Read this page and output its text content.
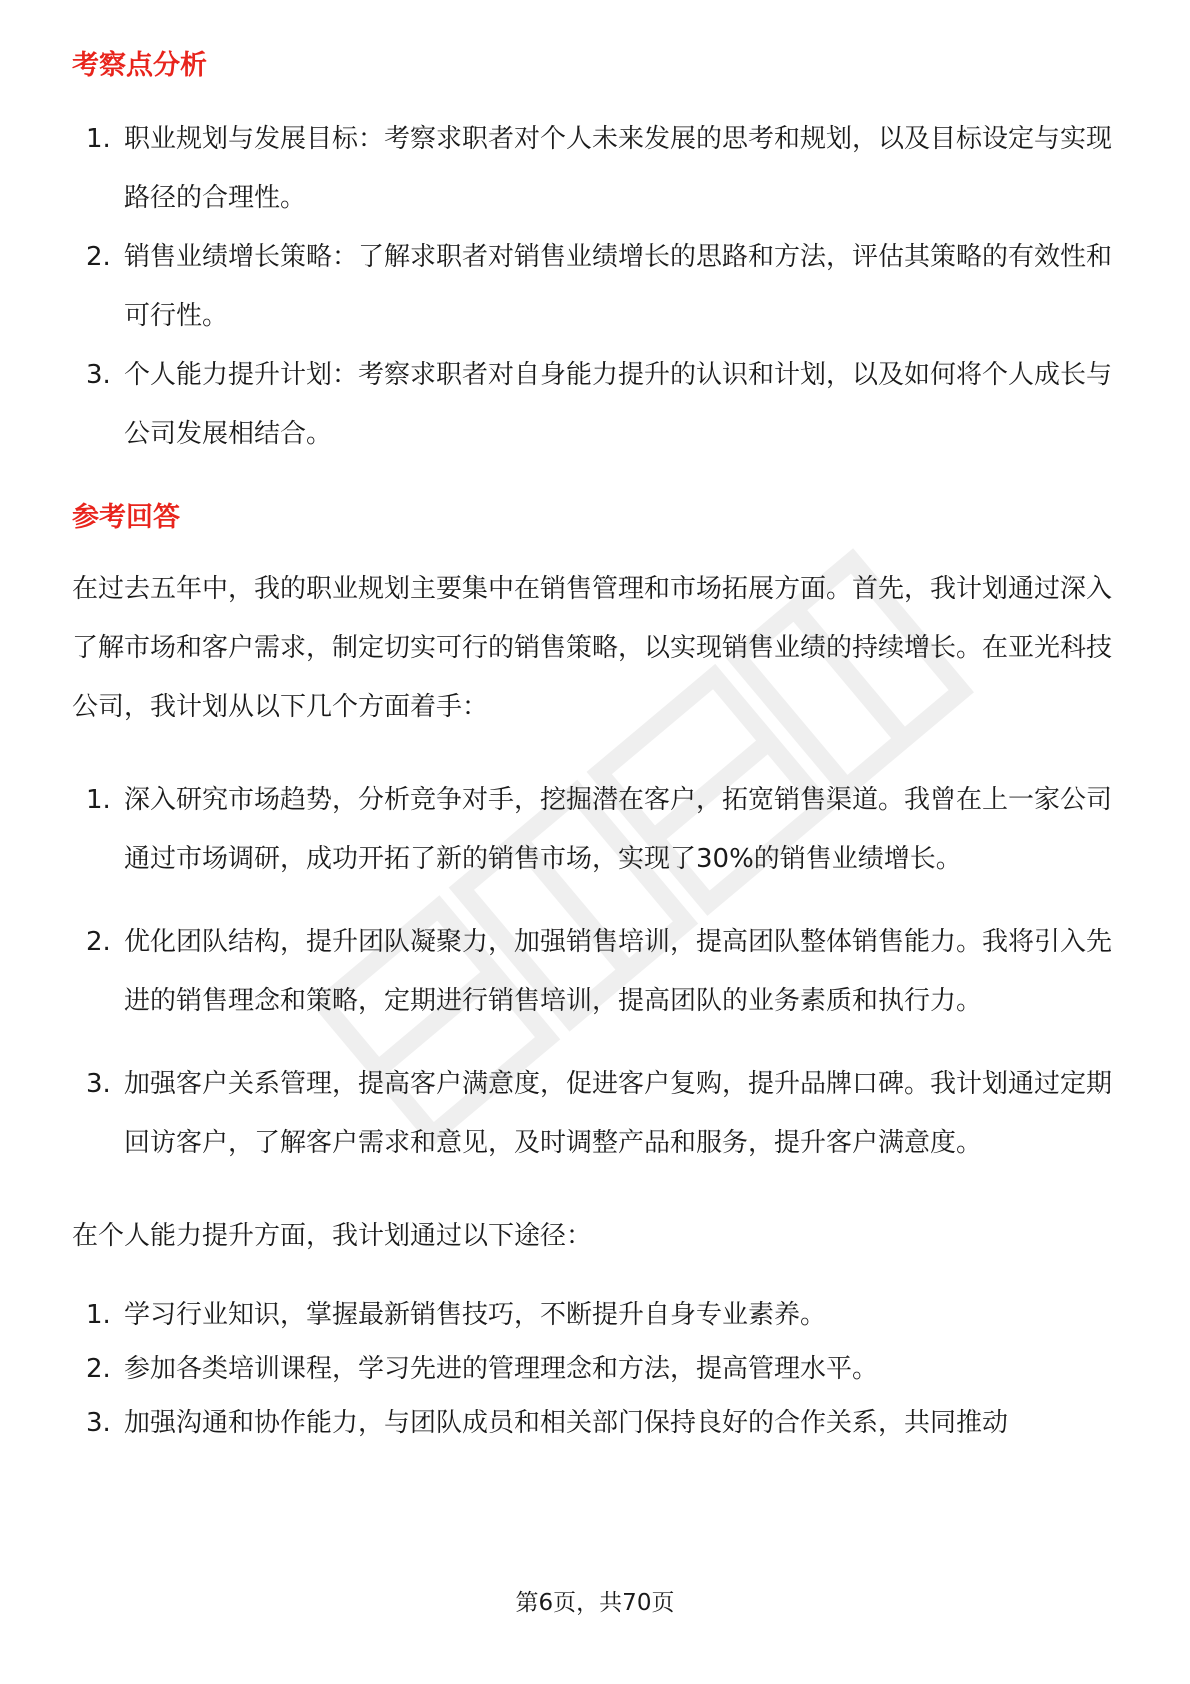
考察点分析
1. 职业规划与发展目标：考察求职者对个人未来发展的思考和规划，以及目标设定与实现路径的合理性。
2. 销售业绩增长策略：了解求职者对销售业绩增长的思路和方法，评估其策略的有效性和可行性。
3. 个人能力提升计划：考察求职者对自身能力提升的认识和计划，以及如何将个人成长与公司发展相结合。
参考回答

在过去五年中，我的职业规划主要集中在销售管理和市场拓展方面。首先，我计划通过深入了解市场和客户需求，制定切实可行的销售策略，以实现销售业绩的持续增长。在亚光科技公司，我计划从以下几个方面着手：

1. 深入研究市场趋势，分析竞争对手，挖掘潜在客户，拓宽销售渠道。我曾在上一家公司通过市场调研，成功开拓了新的销售市场，实现了30%的销售业绩增长。
2. 优化团队结构，提升团队凝聚力，加强销售培训，提高团队整体销售能力。我将引入先进的销售理念和策略，定期进行销售培训，提高团队的业务素质和执行力。
3. 加强客户关系管理，提高客户满意度，促进客户复购，提升品牌口碑。我计划通过定期回访客户，了解客户需求和意见，及时调整产品和服务，提升客户满意度。

在个人能力提升方面，我计划通过以下途径：

1. 学习行业知识，掌握最新销售技巧，不断提升自身专业素养。
2. 参加各类培训课程，学习先进的管理理念和方法，提高管理水平。
3. 加强沟通和协作能力，与团队成员和相关部门保持良好的合作关系，共同推动
第6页，共70页
